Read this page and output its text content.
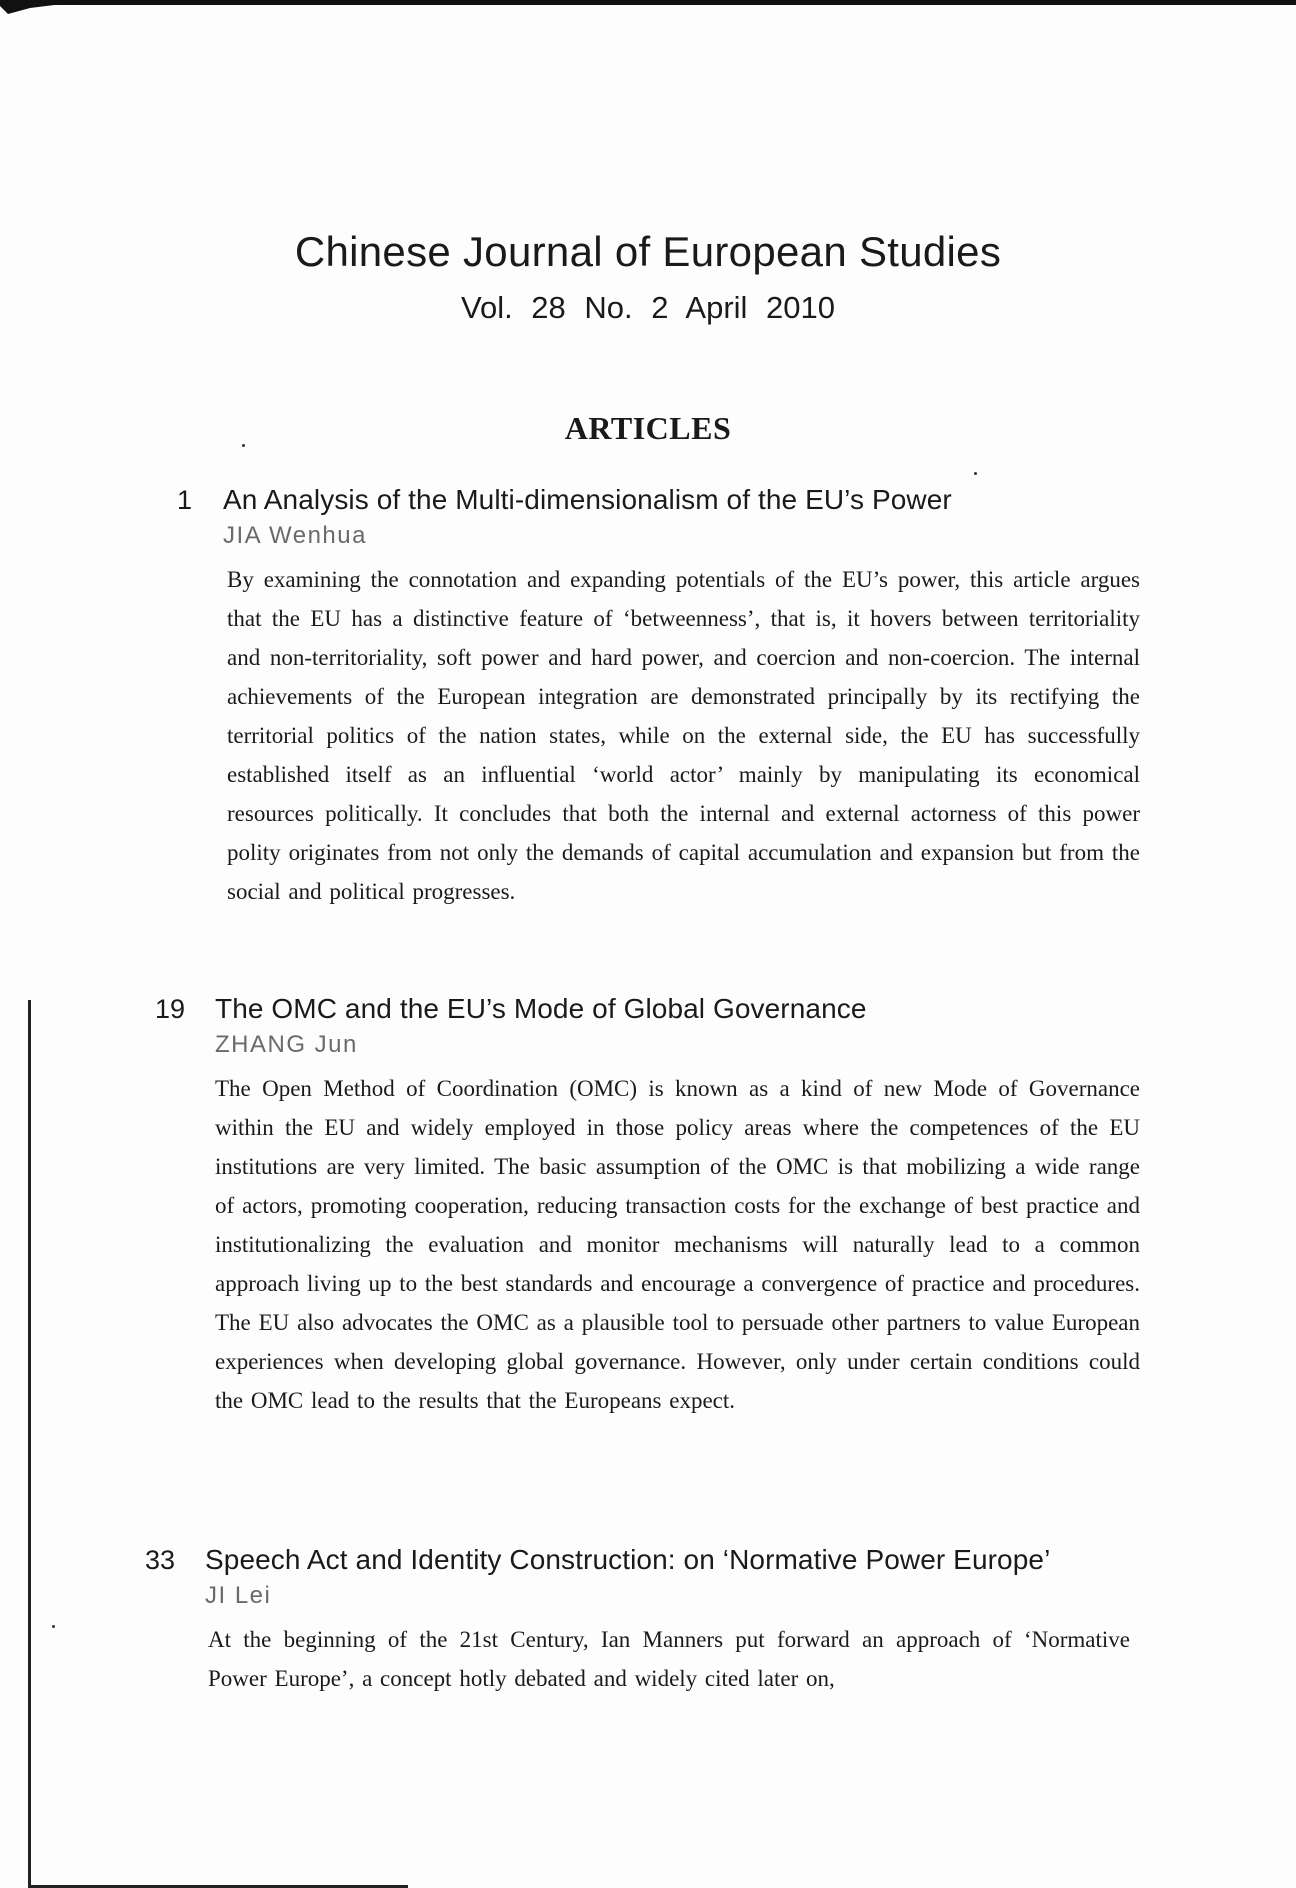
Chinese Journal of European Studies
Vol. 28 No. 2 April 2010
ARTICLES
1	An Analysis of the Multi-dimensionalism of the EU’s Power
JIA Wenhua
By examining the connotation and expanding potentials of the EU’s power, this article argues that the EU has a distinctive feature of ‘betweenness’, that is, it hovers between territoriality and non-territoriality, soft power and hard power, and coercion and non-coercion. The internal achievements of the European integration are demonstrated principally by its rectifying the territorial politics of the nation states, while on the external side, the EU has successfully established itself as an influential ‘world actor’ mainly by manipulating its economical resources politically. It concludes that both the internal and external actorness of this power polity originates from not only the demands of capital accumulation and expansion but from the social and political progresses.
19	The OMC and the EU’s Mode of Global Governance
ZHANG Jun
The Open Method of Coordination (OMC) is known as a kind of new Mode of Governance within the EU and widely employed in those policy areas where the competences of the EU institutions are very limited. The basic assumption of the OMC is that mobilizing a wide range of actors, promoting cooperation, reducing transaction costs for the exchange of best practice and institutionalizing the evaluation and monitor mechanisms will naturally lead to a common approach living up to the best standards and encourage a convergence of practice and procedures. The EU also advocates the OMC as a plausible tool to persuade other partners to value European experiences when developing global governance. However, only under certain conditions could the OMC lead to the results that the Europeans expect.
33	Speech Act and Identity Construction: on ‘Normative Power Europe’
JI Lei
At the beginning of the 21st Century, Ian Manners put forward an approach of ‘Normative Power Europe’, a concept hotly debated and widely cited later on,
